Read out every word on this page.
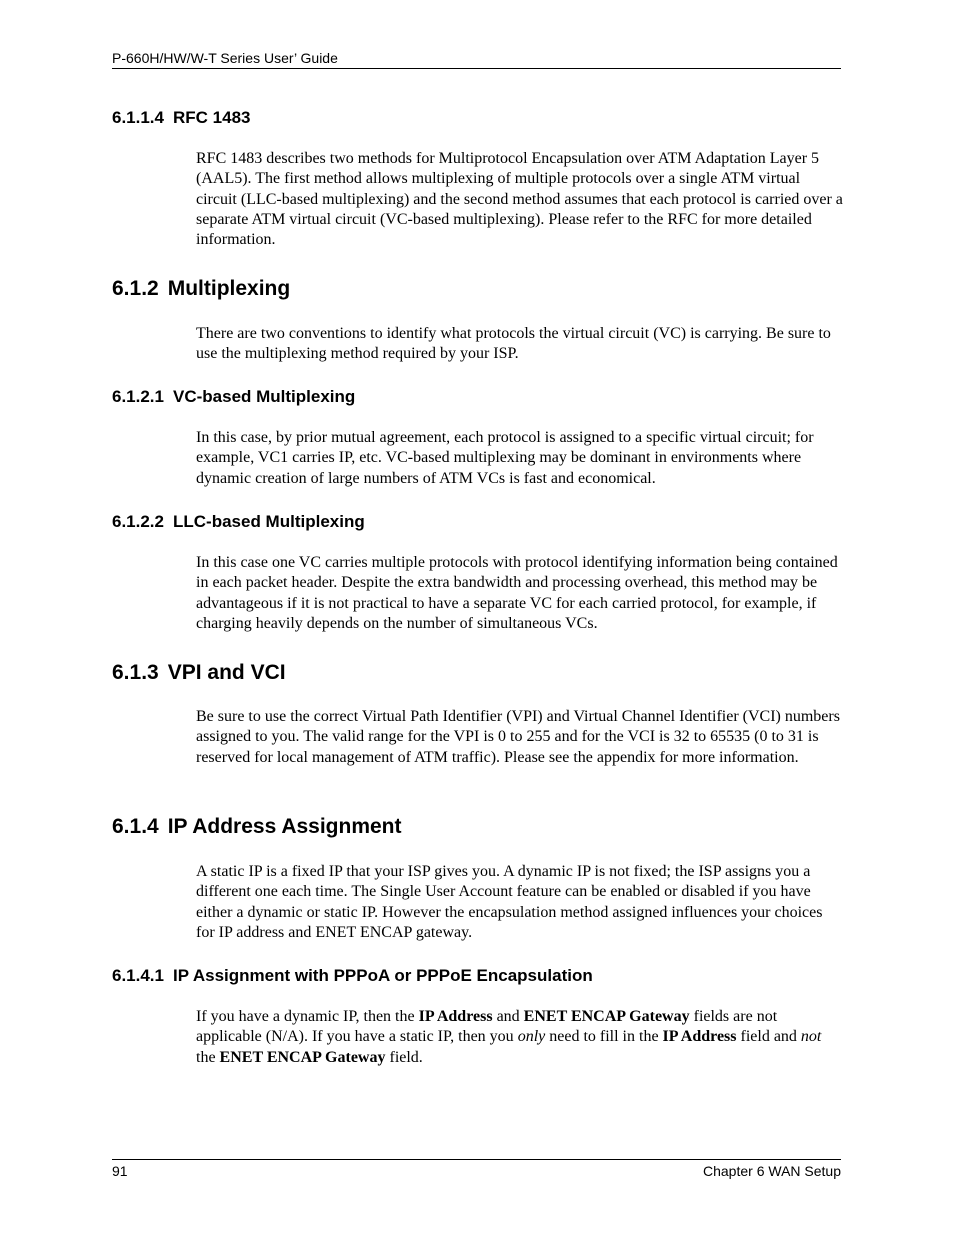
P-660H/HW/W-T Series User’ Guide
6.1.1.4 RFC 1483

RFC 1483 describes two methods for Multiprotocol Encapsulation over ATM Adaptation Layer 5 (AAL5). The first method allows multiplexing of multiple protocols over a single ATM virtual circuit (LLC-based multiplexing) and the second method assumes that each protocol is carried over a separate ATM virtual circuit (VC-based multiplexing). Please refer to the RFC for more detailed information.

6.1.2 Multiplexing

There are two conventions to identify what protocols the virtual circuit (VC) is carrying. Be sure to use the multiplexing method required by your ISP.

6.1.2.1 VC-based Multiplexing

In this case, by prior mutual agreement, each protocol is assigned to a specific virtual circuit; for example, VC1 carries IP, etc. VC-based multiplexing may be dominant in environments where dynamic creation of large numbers of ATM VCs is fast and economical.

6.1.2.2 LLC-based Multiplexing

In this case one VC carries multiple protocols with protocol identifying information being contained in each packet header. Despite the extra bandwidth and processing overhead, this method may be advantageous if it is not practical to have a separate VC for each carried protocol, for example, if charging heavily depends on the number of simultaneous VCs.

6.1.3 VPI and VCI

Be sure to use the correct Virtual Path Identifier (VPI) and Virtual Channel Identifier (VCI) numbers assigned to you. The valid range for the VPI is 0 to 255 and for the VCI is 32 to 65535 (0 to 31 is reserved for local management of ATM traffic). Please see the appendix for more information.

6.1.4 IP Address Assignment

A static IP is a fixed IP that your ISP gives you. A dynamic IP is not fixed; the ISP assigns you a different one each time. The Single User Account feature can be enabled or disabled if you have either a dynamic or static IP. However the encapsulation method assigned influences your choices for IP address and ENET ENCAP gateway.

6.1.4.1 IP Assignment with PPPoA or PPPoE Encapsulation

If you have a dynamic IP, then the IP Address and ENET ENCAP Gateway fields are not applicable (N/A). If you have a static IP, then you only need to fill in the IP Address field and not the ENET ENCAP Gateway field.

91	Chapter 6 WAN Setup
